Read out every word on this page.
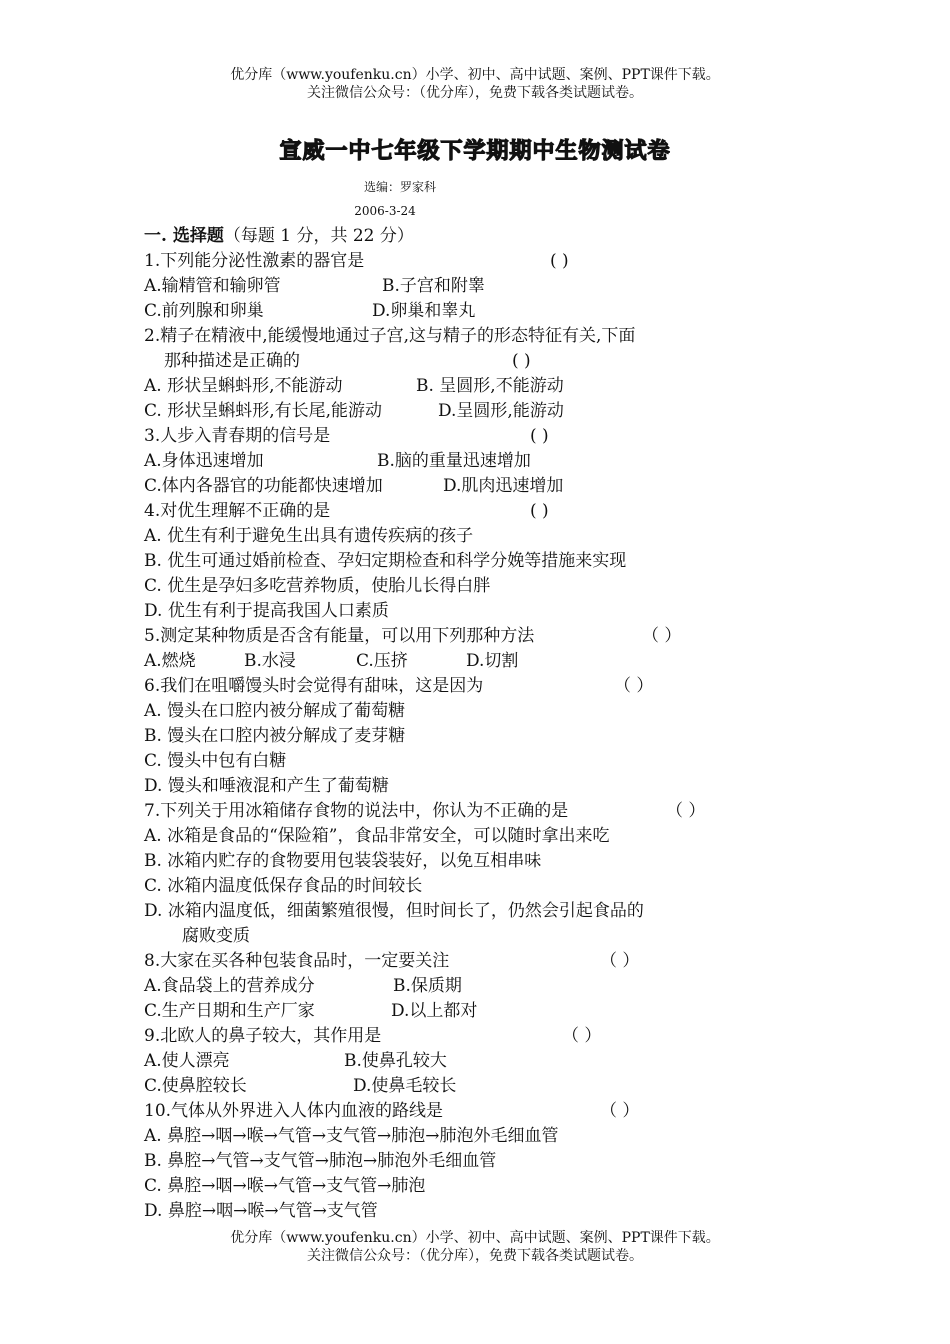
优分库（www.youfenku.cn）小学、初中、高中试题、案例、PPT课件下载。
关注微信公众号：（优分库），免费下载各类试题试卷。
宣威一中七年级下学期期中生物测试卷
选编：罗家科
2006-3-24
一. 选择题（每题 1 分，共 22 分）
1.下列能分泌性激素的器官是	( )
A.输精管和输卵管	B.子宫和附睾
C.前列腺和卵巢	D.卵巢和睾丸
2.精子在精液中,能缓慢地通过子宫,这与精子的形态特征有关,下面
那种描述是正确的	( )
A. 形状呈蝌蚪形,不能游动	B. 呈圆形,不能游动
C. 形状呈蝌蚪形,有长尾,能游动	D.呈圆形,能游动
3.人步入青春期的信号是	( )
A.身体迅速增加	B.脑的重量迅速增加
C.体内各器官的功能都快速增加	D.肌肉迅速增加
4.对优生理解不正确的是	( )
A. 优生有利于避免生出具有遗传疾病的孩子
B. 优生可通过婚前检查、孕妇定期检查和科学分娩等措施来实现
C. 优生是孕妇多吃营养物质，使胎儿长得白胖
D. 优生有利于提高我国人口素质
5.测定某种物质是否含有能量，可以用下列那种方法	（ ）
A.燃烧	B.水浸	C.压挤	D.切割
6.我们在咀嚼馒头时会觉得有甜味，这是因为	（ ）
A. 馒头在口腔内被分解成了葡萄糖
B. 馒头在口腔内被分解成了麦芽糖
C. 馒头中包有白糖
D. 馒头和唾液混和产生了葡萄糖
7.下列关于用冰箱储存食物的说法中，你认为不正确的是	（ ）
A. 冰箱是食品的“保险箱”，食品非常安全，可以随时拿出来吃
B. 冰箱内贮存的食物要用包装袋装好，以免互相串味
C. 冰箱内温度低保存食品的时间较长
D. 冰箱内温度低，细菌繁殖很慢，但时间长了，仍然会引起食品的
腐败变质
8.大家在买各种包装食品时，一定要关注	（ ）
A.食品袋上的营养成分	B.保质期
C.生产日期和生产厂家	D.以上都对
9.北欧人的鼻子较大，其作用是	（ ）
A.使人漂亮	B.使鼻孔较大
C.使鼻腔较长	D.使鼻毛较长
10.气体从外界进入人体内血液的路线是	（ ）
A. 鼻腔→咽→喉→气管→支气管→肺泡→肺泡外毛细血管
B. 鼻腔→气管→支气管→肺泡→肺泡外毛细血管
C. 鼻腔→咽→喉→气管→支气管→肺泡
D. 鼻腔→咽→喉→气管→支气管
优分库（www.youfenku.cn）小学、初中、高中试题、案例、PPT课件下载。
关注微信公众号：（优分库），免费下载各类试题试卷。
